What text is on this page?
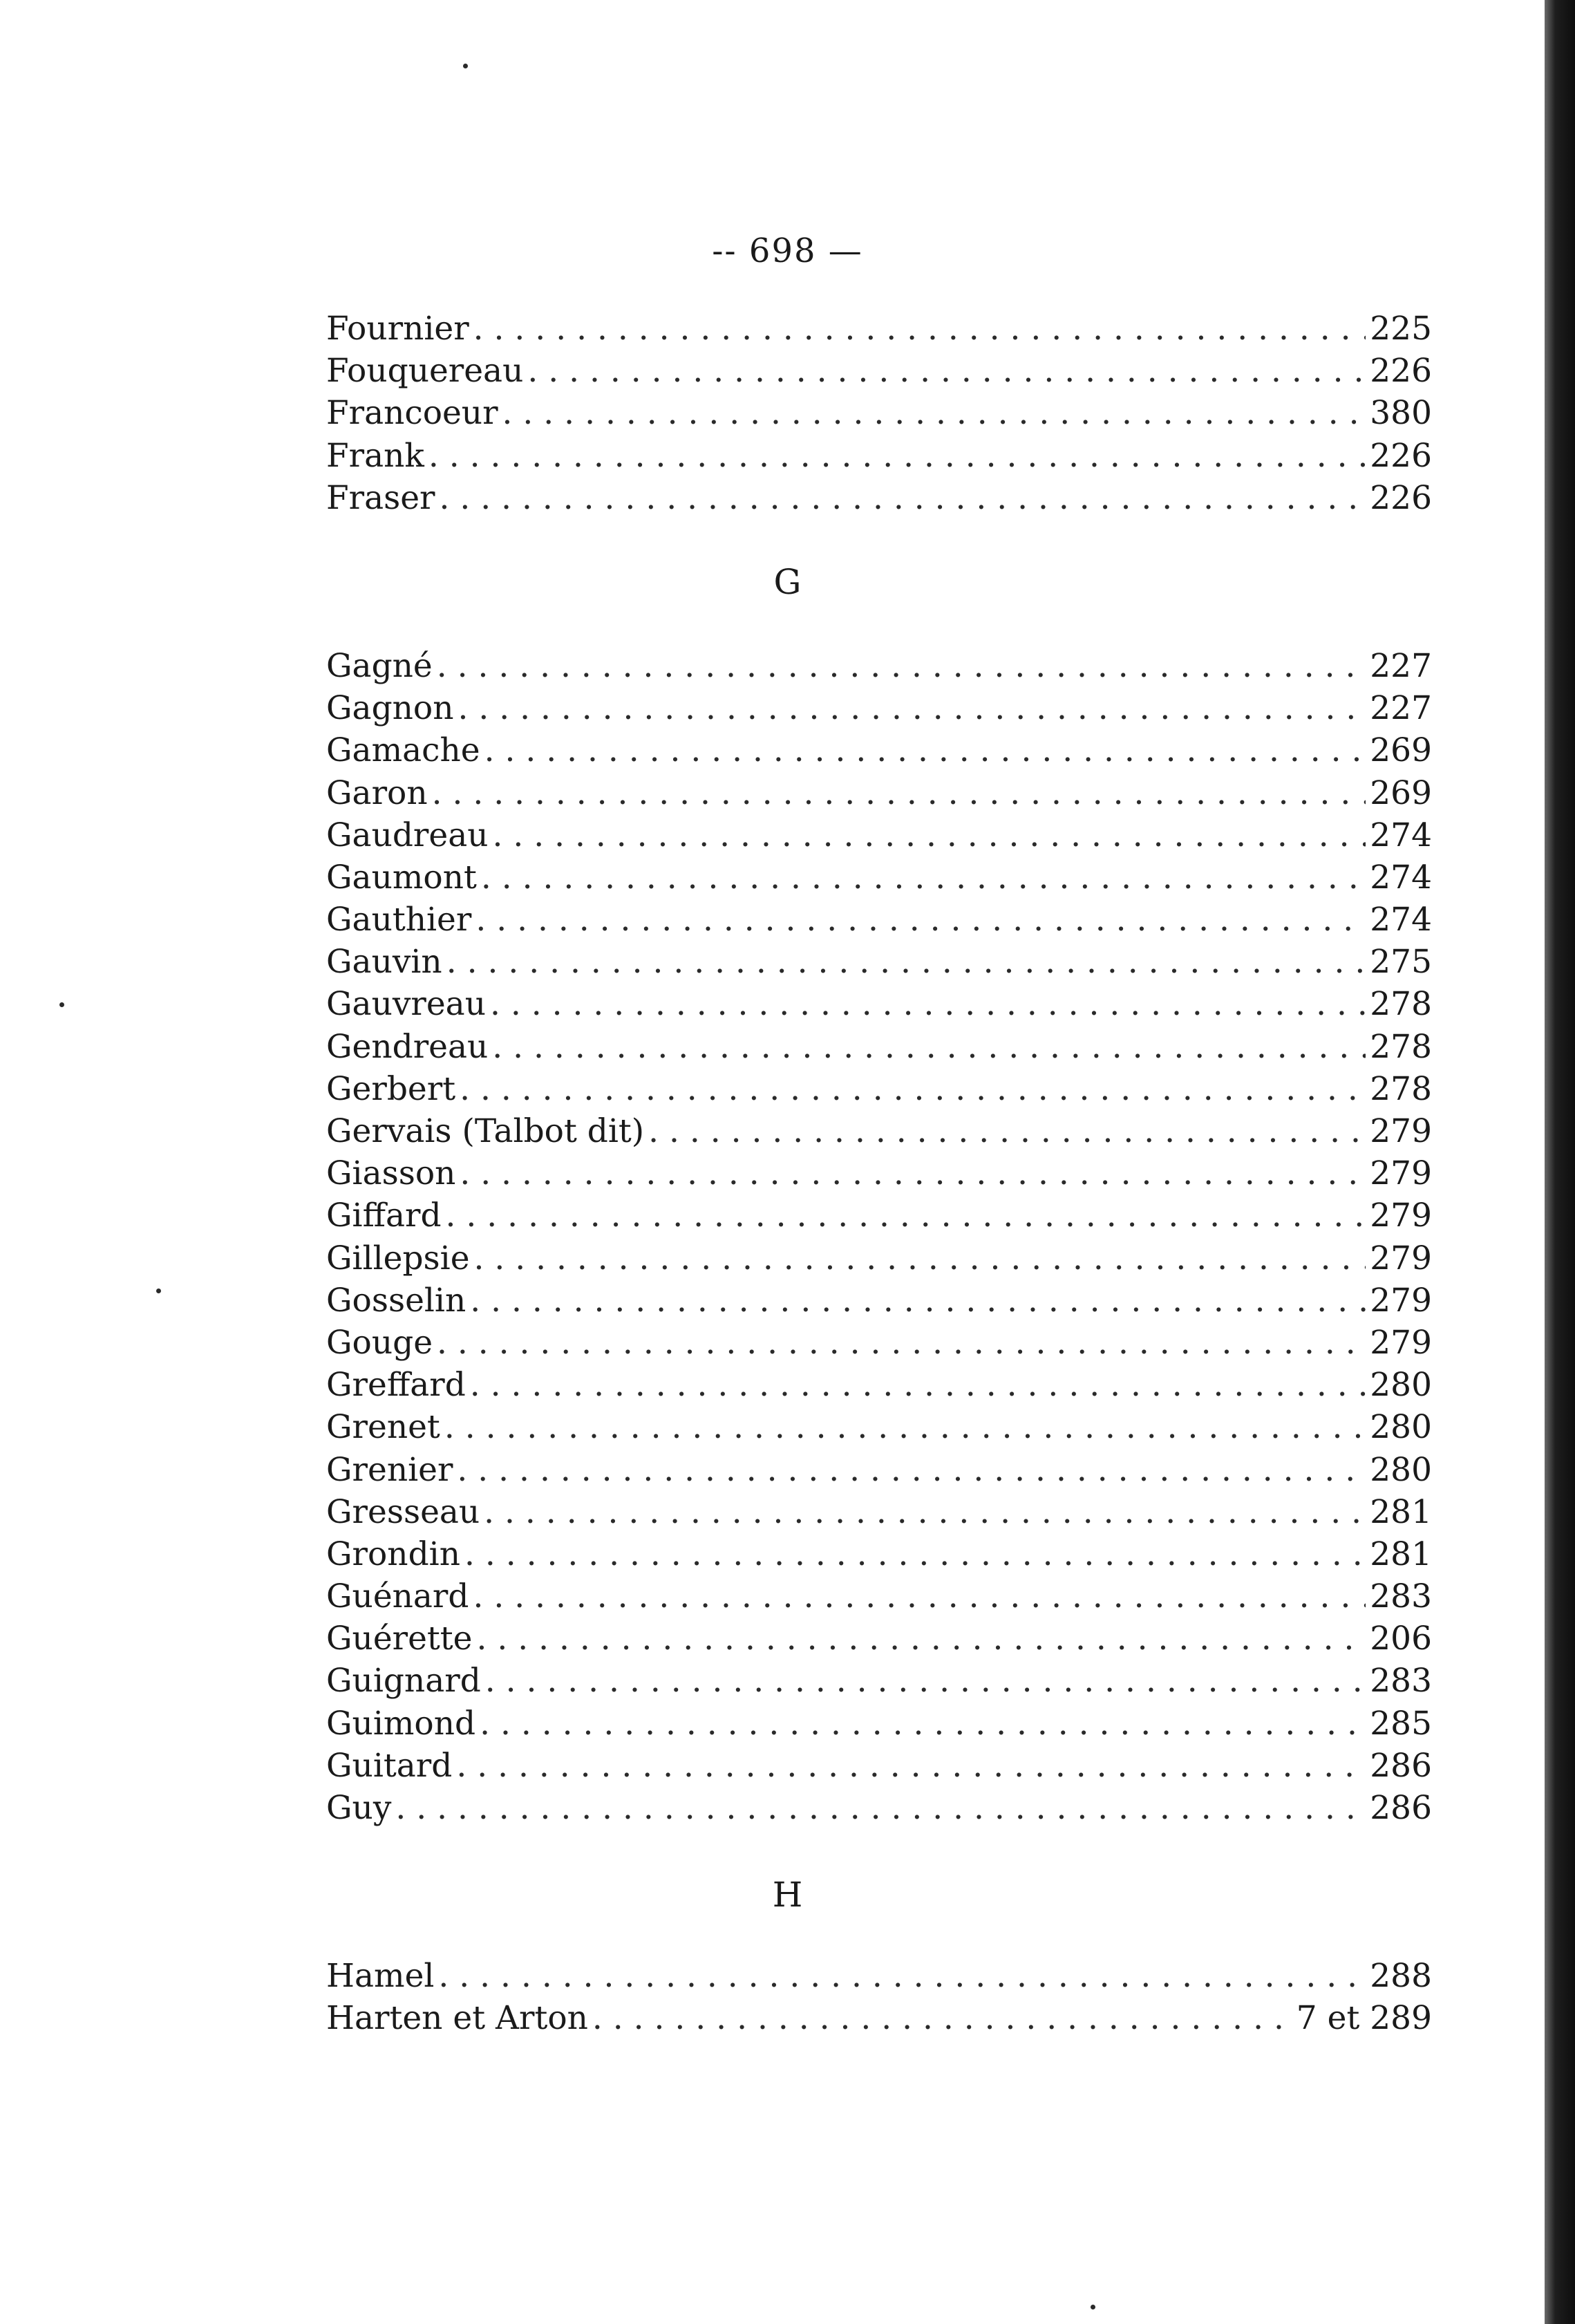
-- 698 —
Fournier . . .	225
Fouquereau . . .	226
Francoeur . . .	380
Frank . . .	226
Fraser . . .	226
G
Gagné . . .	227
Gagnon . . .	227
Gamache . . .	269
Garon . . .	269
Gaudreau . . .	274
Gaumont . . .	274
Gauthier . . .	274
Gauvin . . .	275
Gauvreau . . .	278
Gendreau . . .	278
Gerbert . . .	278
Gervais (Talbot dit) . . .	279
Giasson . . .	279
Giffard . . .	279
Gillepsie . . .	279
Gosselin . . .	279
Gouge . . .	279
Greffard . . .	280
Grenet . . .	280
Grenier . . .	280
Gresseau . . .	281
Grondin . . .	281
Guénard . . .	283
Guérette . . .	206
Guignard . . .	283
Guimond . . .	285
Guitard . . .	286
Guy . . .	286
H
Hamel . . .	288
Harten et Arton . . .	7 et 289
